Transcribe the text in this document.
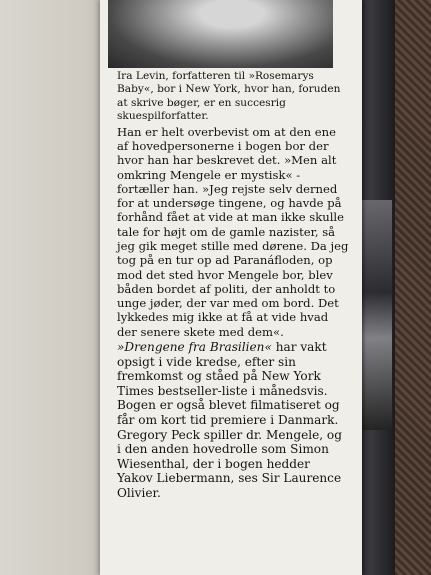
Ira Levin, forfatteren til »Rosemarys Baby«, bor i New York, hvor han, foruden at skrive bøger, er en succesrig skuespilforfatter.

Han er helt overbevist om at den ene af hovedpersonerne i bogen bor der hvor han har beskrevet det. »Men alt omkring Mengele er mystisk« - fortæller han. »Jeg rejste selv derned for at undersøge tingene, og havde på forhånd fået at vide at man ikke skulle tale for højt om de gamle nazister, så jeg gik meget stille med dørene. Da jeg tog på en tur op ad Paranáfloden, op mod det sted hvor Mengele bor, blev båden bordet af politi, der anholdt to unge jøder, der var med om bord. Det lykkedes mig ikke at få at vide hvad der senere skete med dem«.

»Drengene fra Brasilien« har vakt opsigt i vide kredse, efter sin fremkomst og ståed på New York Times bestseller-liste i månedsvis. Bogen er også blevet filmatiseret og får om kort tid premiere i Danmark. Gregory Peck spiller dr. Mengele, og i den anden hovedrolle som Simon Wiesenthal, der i bogen hedder Yakov Liebermann, ses Sir Laurence Olivier.
